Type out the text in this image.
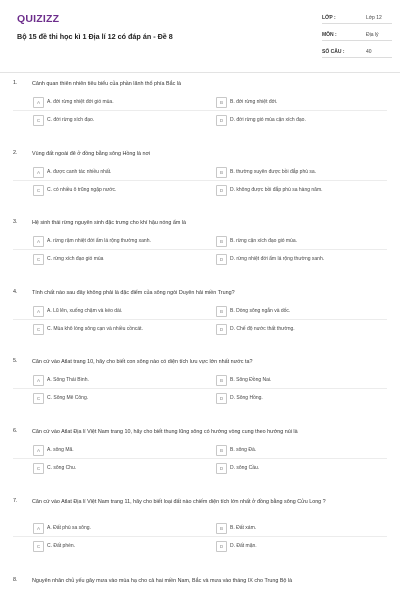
QUIZIZZ
Bộ 15 đề thi học kì 1 Địa lí 12 có đáp án - Đề 8
LỚP :	Lớp 12
MÔN :	Địa lý
SỐ CÂU :	40
1.	Cảnh quan thiên nhiên tiêu biểu của phần lãnh thổ phía Bắc là
A	A. đới rừng nhiệt đới gió mùa.	B	B. đới rừng nhiệt đới.
C	C. đới rừng xích đạo.	D	D. đới rừng gió mùa cận xích đạo.
2.	Vùng đất ngoài đê ở đồng bằng sông Hồng là nơi
A	A. được canh tác nhiều nhất.	B	B. thường xuyên được bồi đắp phù sa.
C	C. có nhiều ô trũng ngập nước.	D	D. không được bồi đắp phù sa hàng năm.
3.	Hệ sinh thái rừng nguyên sinh đặc trưng cho khí hậu nóng ẩm là
A	A. rừng rậm nhiệt đới ẩm lá rộng thường xanh.	B	B. rừng cận xích đạo gió mùa.
C	C. rừng xích đạo gió mùa	D	D. rừng nhiệt đới ẩm lá rộng thường xanh.
4.	Tính chất nào sau đây không phải là đặc điểm của sông ngòi Duyên hải miền Trung?
A	A. Lũ lên, xuống chậm và kéo dài.	B	B. Dòng sông ngắn và dốc.
C	C. Mùa khô lòng sông cạn và nhiều cồncát.	D	D. Chế độ nước thất thường.
5.	Căn cứ vào Atlat trang 10, hãy cho biết con sông nào có diện tích lưu vực lớn nhất nước ta?
A	A. Sông Thái Bình.	B	B. Sông Đồng Nai.
C	C. Sông Mê Công.	D	D. Sông Hồng.
6.	Căn cứ vào Atlat Địa lí Việt Nam trang 10, hãy cho biết thung lũng sông có hướng vòng cung theo hướng núi là
A	A. sông Mã.	B	B. sông Đà.
C	C. sông Chu.	D	D. sông Cầu.
7.	Căn cứ vào Atlat Địa lí Việt Nam trang 11, hãy cho biết loại đất nào chiếm diện tích lớn nhất ở đồng bằng sông Cửu Long ?
A	A. Đất phù sa sông.	B	B. Đất xám.
C	C. Đất phèn.	D	D. Đất mặn.
8.	Nguyên nhân chủ yếu gây mưa vào mùa hạ cho cả hai miền Nam, Bắc và mưa vào tháng IX cho Trung Bộ là
